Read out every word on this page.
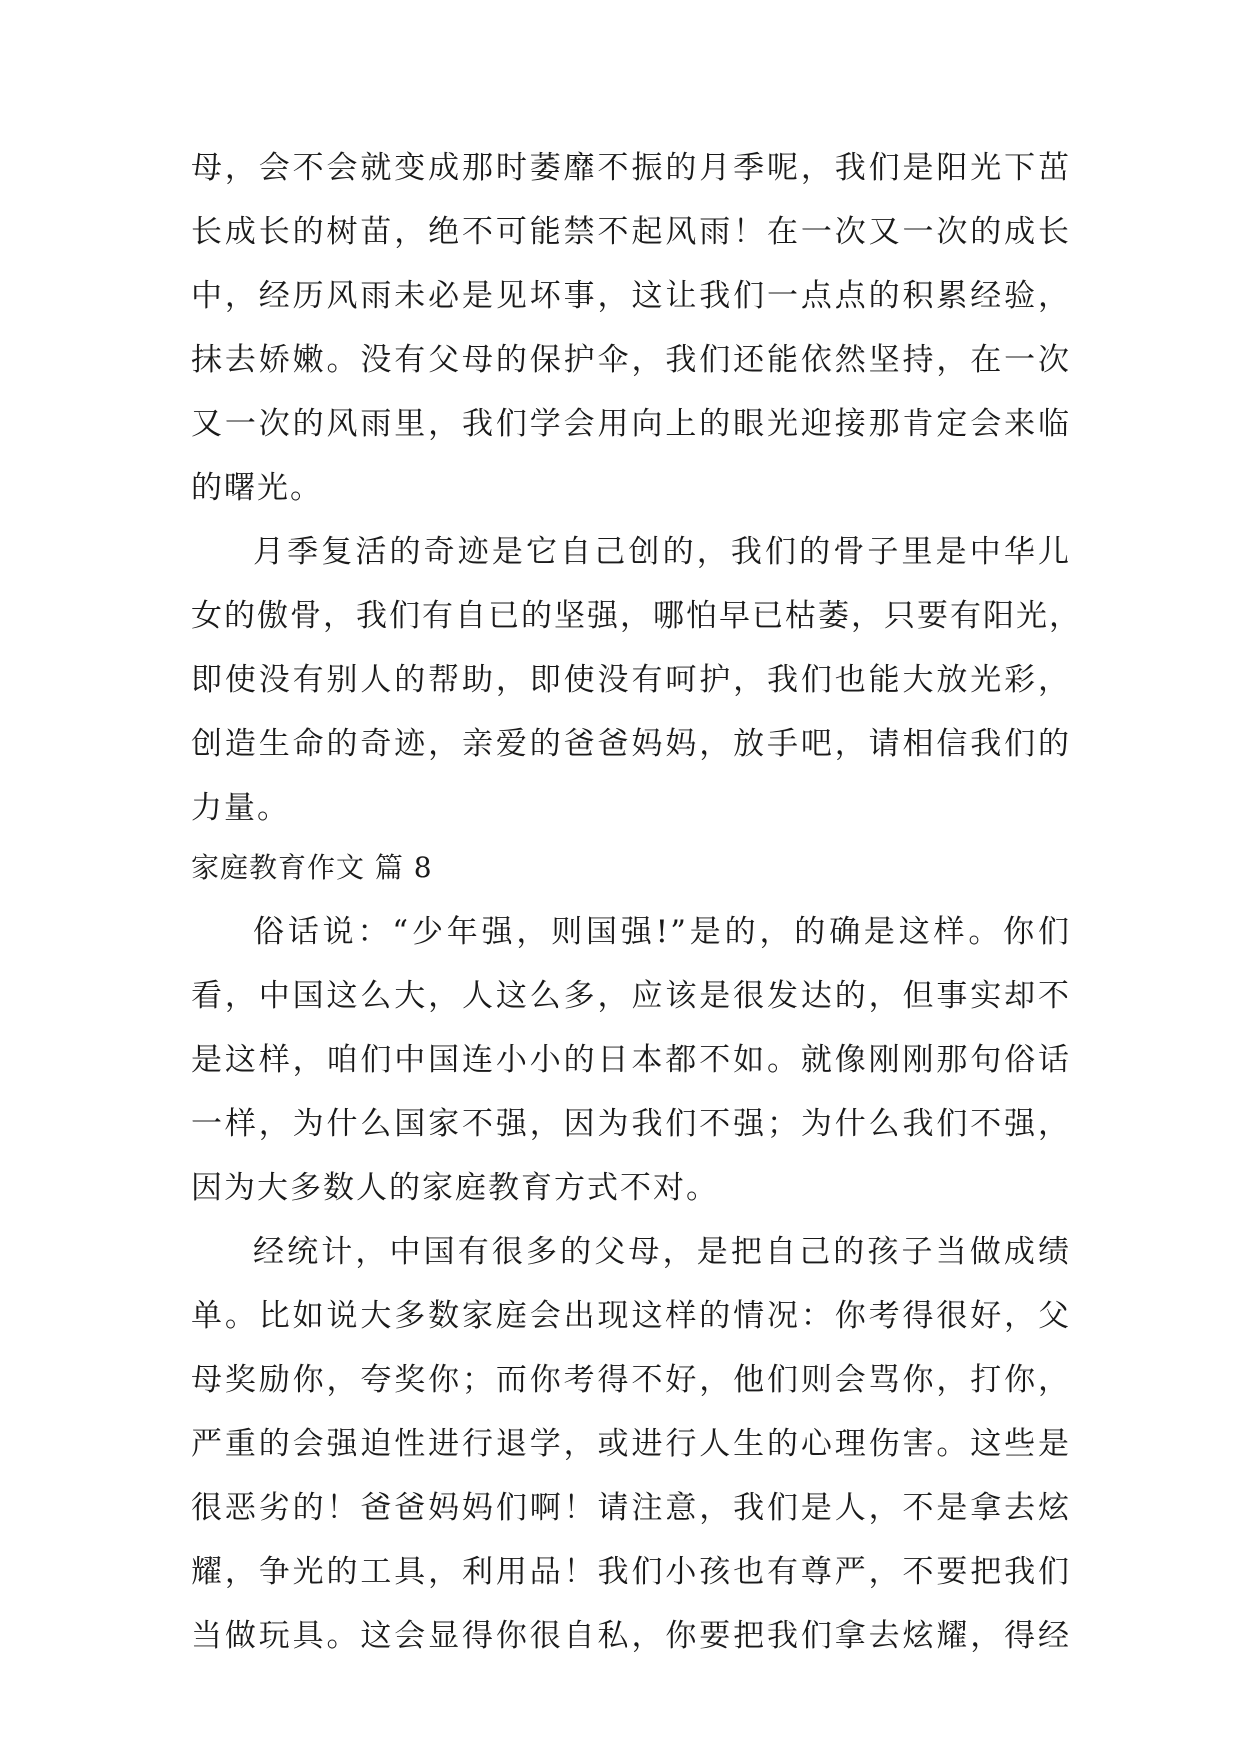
母，会不会就变成那时萎靡不振的月季呢，我们是阳光下茁
长成长的树苗，绝不可能禁不起风雨！在一次又一次的成长
中，经历风雨未必是见坏事，这让我们一点点的积累经验，
抹去娇嫩。没有父母的保护伞，我们还能依然坚持，在一次
又一次的风雨里，我们学会用向上的眼光迎接那肯定会来临
的曙光。
月季复活的奇迹是它自己创的，我们的骨子里是中华儿
女的傲骨，我们有自已的坚强，哪怕早已枯萎，只要有阳光，
即使没有别人的帮助，即使没有呵护，我们也能大放光彩，
创造生命的奇迹，亲爱的爸爸妈妈，放手吧，请相信我们的
力量。
家庭教育作文 篇 8
俗话说：“少年强，则国强!”是的，的确是这样。你们
看，中国这么大，人这么多，应该是很发达的，但事实却不
是这样，咱们中国连小小的日本都不如。就像刚刚那句俗话
一样，为什么国家不强，因为我们不强；为什么我们不强，
因为大多数人的家庭教育方式不对。
经统计，中国有很多的父母，是把自己的孩子当做成绩
单。比如说大多数家庭会出现这样的情况：你考得很好，父
母奖励你，夸奖你；而你考得不好，他们则会骂你，打你，
严重的会强迫性进行退学，或进行人生的心理伤害。这些是
很恶劣的！爸爸妈妈们啊！请注意，我们是人，不是拿去炫
耀，争光的工具，利用品！我们小孩也有尊严，不要把我们
当做玩具。这会显得你很自私，你要把我们拿去炫耀，得经
